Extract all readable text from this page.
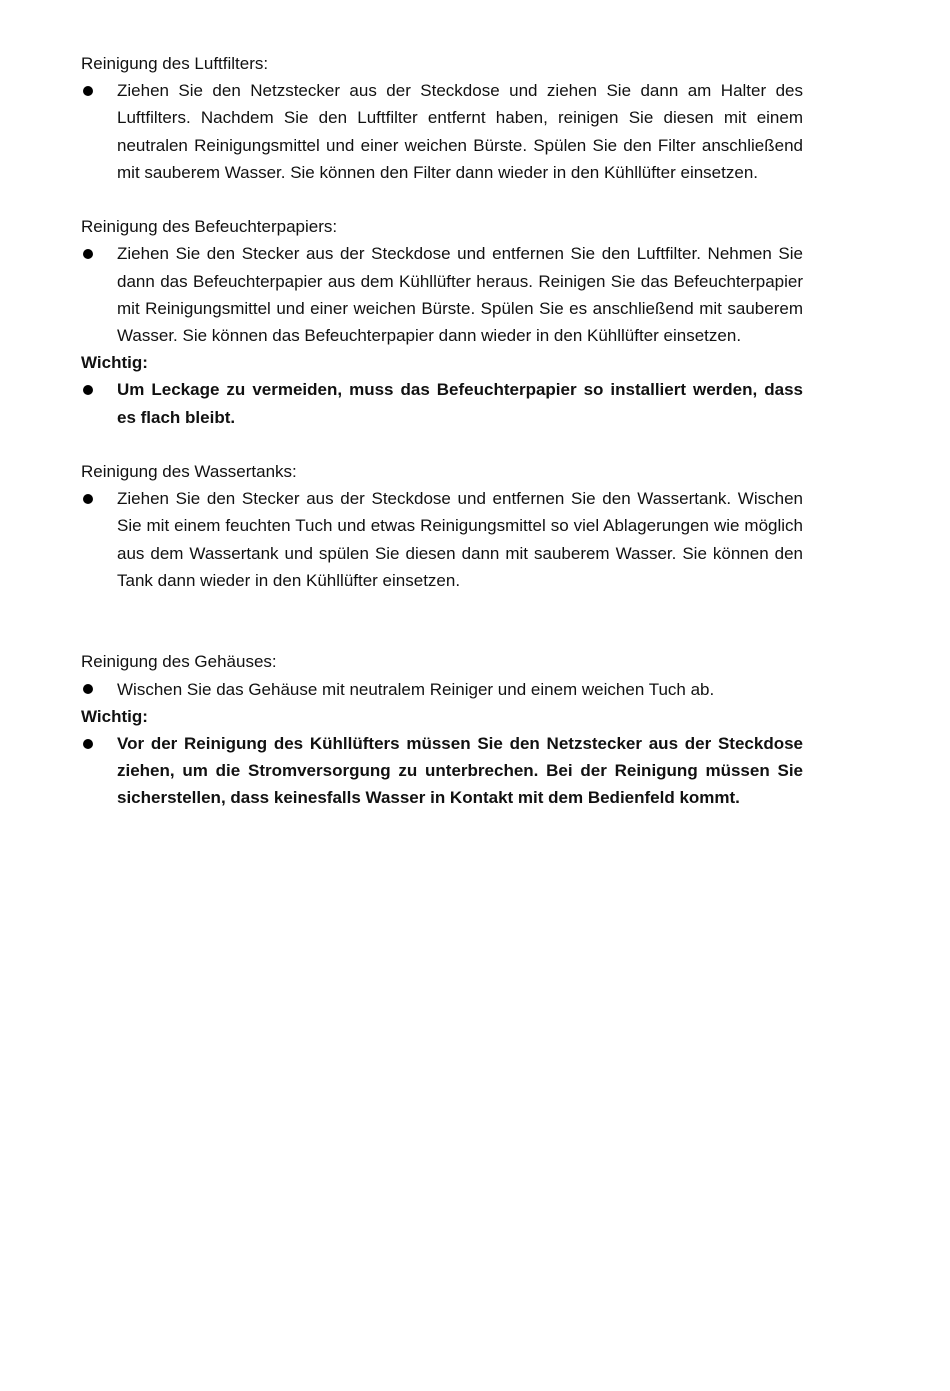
Reinigung des Luftfilters:

Ziehen Sie den Netzstecker aus der Steckdose und ziehen Sie dann am Halter des Luftfilters. Nachdem Sie den Luftfilter entfernt haben, reinigen Sie diesen mit einem neutralen Reinigungsmittel und einer weichen Bürste. Spülen Sie den Filter anschließend mit sauberem Wasser. Sie können den Filter dann wieder in den Kühllüfter einsetzen.

Reinigung des Befeuchterpapiers:

Ziehen Sie den Stecker aus der Steckdose und entfernen Sie den Luftfilter. Nehmen Sie dann das Befeuchterpapier aus dem Kühllüfter heraus. Reinigen Sie das Befeuchterpapier mit Reinigungsmittel und einer weichen Bürste. Spülen Sie es anschließend mit sauberem Wasser. Sie können das Befeuchterpapier dann wieder in den Kühllüfter einsetzen.

Wichtig:

Um Leckage zu vermeiden, muss das Befeuchterpapier so installiert werden, dass es flach bleibt.

Reinigung des Wassertanks:

Ziehen Sie den Stecker aus der Steckdose und entfernen Sie den Wassertank. Wischen Sie mit einem feuchten Tuch und etwas Reinigungsmittel so viel Ablagerungen wie möglich aus dem Wassertank und spülen Sie diesen dann mit sauberem Wasser. Sie können den Tank dann wieder in den Kühllüfter einsetzen.

Reinigung des Gehäuses:

Wischen Sie das Gehäuse mit neutralem Reiniger und einem weichen Tuch ab.

Wichtig:

Vor der Reinigung des Kühllüfters müssen Sie den Netzstecker aus der Steckdose ziehen, um die Stromversorgung zu unterbrechen. Bei der Reinigung müssen Sie sicherstellen, dass keinesfalls Wasser in Kontakt mit dem Bedienfeld kommt.
